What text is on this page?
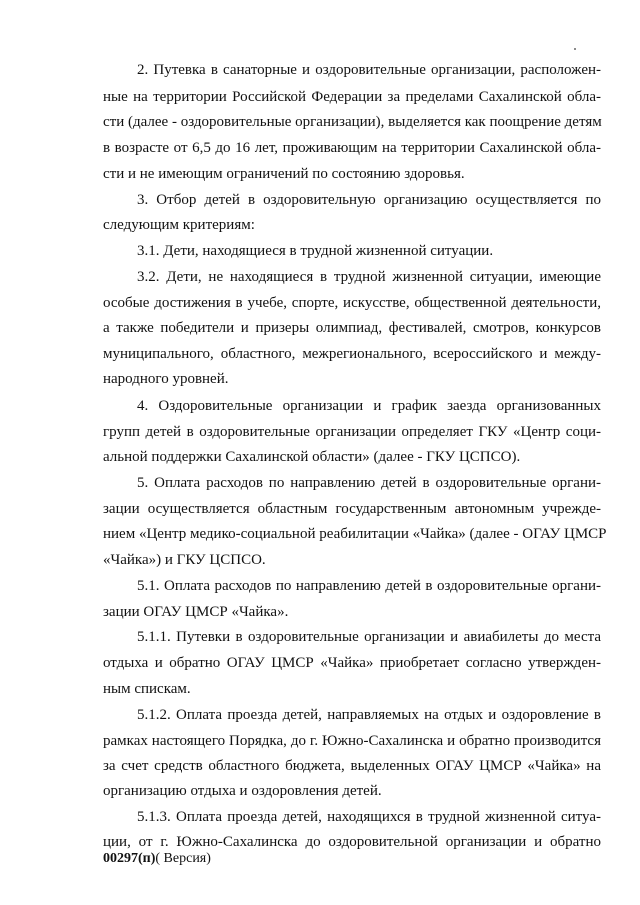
2. Путевка в санаторные и оздоровительные организации, расположен-
ные на территории Российской Федерации за пределами Сахалинской обла-
сти (далее - оздоровительные организации), выделяется как поощрение детям
в возрасте от 6,5 до 16 лет, проживающим на территории Сахалинской обла-
сти и не имеющим ограничений по состоянию здоровья.
3. Отбор детей в оздоровительную организацию осуществляется по
следующим критериям:
3.1. Дети, находящиеся в трудной жизненной ситуации.
3.2. Дети, не находящиеся в трудной жизненной ситуации, имеющие
особые достижения в учебе, спорте, искусстве, общественной деятельности,
а также победители и призеры олимпиад, фестивалей, смотров, конкурсов
муниципального, областного, межрегионального, всероссийского и между-
народного уровней.
4. Оздоровительные организации и график заезда организованных
групп детей в оздоровительные организации определяет ГКУ «Центр соци-
альной поддержки Сахалинской области» (далее - ГКУ ЦСПСО).
5. Оплата расходов по направлению детей в оздоровительные органи-
зации осуществляется областным государственным автономным учрежде-
нием «Центр медико-социальной реабилитации «Чайка» (далее - ОГАУ ЦМСР
«Чайка») и ГКУ ЦСПСО.
5.1. Оплата расходов по направлению детей в оздоровительные органи-
зации ОГАУ ЦМСР «Чайка».
5.1.1. Путевки в оздоровительные организации и авиабилеты до места
отдыха и обратно ОГАУ ЦМСР «Чайка» приобретает согласно утвержден-
ным спискам.
5.1.2. Оплата проезда детей, направляемых на отдых и оздоровление в
рамках настоящего Порядка, до г. Южно-Сахалинска и обратно производится
за счет средств областного бюджета, выделенных ОГАУ ЦМСР «Чайка» на
организацию отдыха и оздоровления детей.
5.1.3. Оплата проезда детей, находящихся в трудной жизненной ситуа-
ции, от г. Южно-Сахалинска до оздоровительной организации и обратно
00297(п)( Версия)
